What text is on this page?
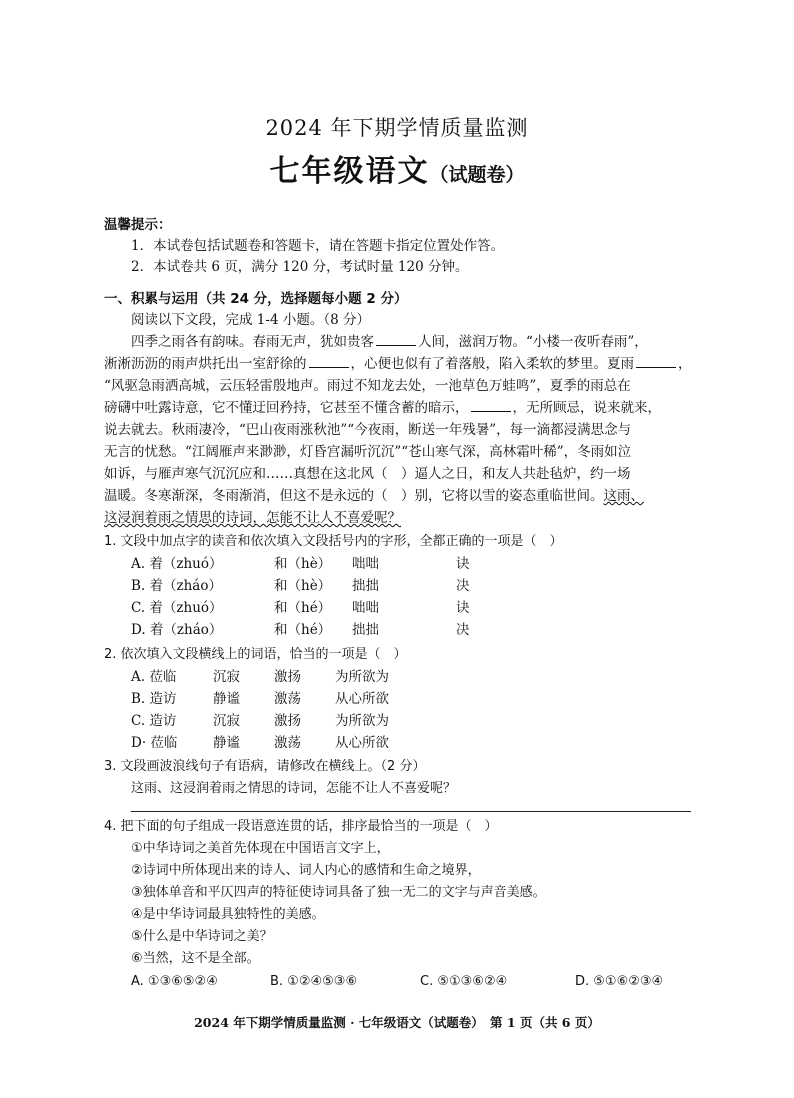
2024 年下期学情质量监测
七年级语文（试题卷）
温馨提示：
1．本试卷包括试题卷和答题卡，请在答题卡指定位置处作答。
2．本试卷共 6 页，满分 120 分，考试时量 120 分钟。
一、积累与运用（共 24 分，选择题每小题 2 分）
阅读以下文段，完成 1-4 小题。（8 分）
四季之雨各有韵味。春雨无声，犹如贵客	人间，滋润万物。“小楼一夜听春雨”，
淅淅沥沥的雨声烘托出一室舒徐的	，心便也似有了着落般，陷入柔软的梦里。夏雨	，
“风驱急雨洒高城，云压轻雷殷地声。雨过不知龙去处，一池草色万蛙鸣”，夏季的雨总在
磅礴中吐露诗意，它不懂迂回矜持，它甚至不懂含蓄的暗示，	，无所顾忌，说来就来，
说去就去。秋雨凄冷，“巴山夜雨涨秋池”“今夜雨，断送一年残暑”，每一滴都浸满思念与
无言的忧愁。“江阔雁声来渺渺，灯昏宫漏听沉沉”“苍山寒气深，高林霜叶稀”，冬雨如泣
如诉，与雁声寒气沉沉应和……真想在这北风（　）逼人之日，和友人共赴毡炉，约一场
温暖。冬寒渐深，冬雨渐消，但这不是永远的（　）别，它将以雪的姿态重临世间。这雨、
这浸润着雨之情思的诗词，怎能不让人不喜爱呢？
1. 文段中加点字的读音和依次填入文段括号内的字形，全都正确的一项是（　）
A. 着（zhuó）	和（hè） 咄咄	诀
B. 着（zháo）	和（hè） 拙拙	决
C. 着（zhuó）	和（hé） 咄咄	诀
D. 着（zháo）	和（hé） 拙拙	决
2. 依次填入文段横线上的词语，恰当的一项是（　）
A. 莅临	沉寂	激扬	为所欲为
B. 造访	静谧	激荡	从心所欲
C. 造访	沉寂	激扬	为所欲为
D· 莅临	静谧	激荡	从心所欲
3. 文段画波浪线句子有语病，请修改在横线上。（2 分）
这雨、这浸润着雨之情思的诗词，怎能不让人不喜爱呢？
4. 把下面的句子组成一段语意连贯的话，排序最恰当的一项是（　）
①中华诗词之美首先体现在中国语言文字上，
②诗词中所体现出来的诗人、词人内心的感情和生命之境界，
③独体单音和平仄四声的特征使诗词具备了独一无二的文字与声音美感。
④是中华诗词最具独特性的美感。
⑤什么是中华诗词之美？
⑥当然，这不是全部。
A. ①③⑥⑤②④	B. ①②④⑤③⑥	C. ⑤①③⑥②④	D. ⑤①⑥②③④
2024 年下期学情质量监测 · 七年级语文（试题卷）　第 1 页（共 6 页）
